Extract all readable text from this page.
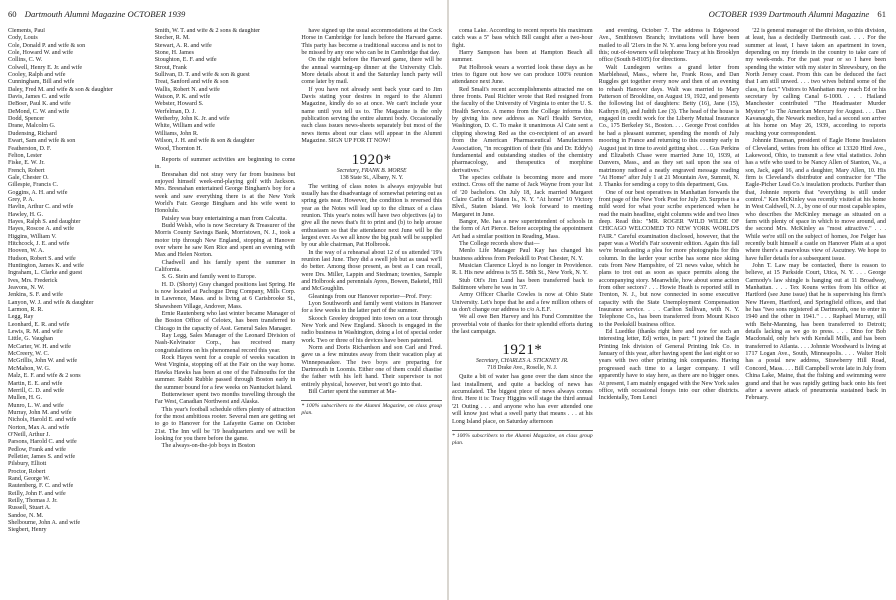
60 Dartmouth Alumni Magazine OCTOBER 1939
Clements, Paul
Cody, Louis
Cole, Donald P. and wife & son
Cole, Howard W. and wife
Collins, C. W.
Colwell, Henry E. Jr. and wife
Cooley, Ralph and wife
Cunningham, Bill and wife
Daley, Fred M. and wife & son & daughter
Davis, James C. and wife
DeBoer, Paul K. and wife
DeMond, C. W. and wife
Dodd, Spencer
Drane, Malcolm G.
Dudensing, Richard
Ewart, Sam and wife & son
Featherston, D. F.
Felton, Lester
Fiske, E. W. Jr.
French, Robert
Gale, Chester O.
Gillespie, Francis C.
Goggins, A. H. and wife
Grey, P. A.
Havlin, Arthur C. and wife
Hawley, H. G.
Hayes, Ralph S. and daughter
Hayes, Roscoe A. and wife
Higgins, William V.
Hitchcock, J. E. and wife
Hooven, W. A.
Hudson, Robert S. and wife
Huntington, James K. and wife
Ingraham, L. Clarke and guest
Ives, Mrs. Frederick
Jeavons, N. W.
Jenkins, S. F. and wife
Lanyon, W. J. and wife & daughter
Larmon, R. R.
Legg, Ray
Leonhard, E. R. and wife
Lewis, R. M. and wife
Little, G. Vaughan
McCarter, W. H. and wife
McCreery, W. C.
McGrillis, John W. and wife
McMahon, W. G.
Malz, E. F. and wife & 2 sons
Martin, E. E. and wife
Merrill, C. D. and wife
Mullen, H. G.
Munro, L. W. and wife
Murray, John M. and wife
Nichols, Harold E. and wife
Norton, Max A. and wife
O'Neill, Arthur J.
Parsons, Harold C. and wife
Pedlow, Frank and wife
Pelletier, James S. and wife
Pilsbury, Elliott
Proctor, Robert
Rand, George W.
Rautenberg, F. C. and wife
Reilly, John F. and wife
Reilly, Thomas J. Jr.
Russell, Stuart A.
Sandoe, N. M.
Shelbourne, John A. and wife
Siegbert, Henry
Smith, W. T. and wife & 2 sons & daughter
Stecher, R. M.
Stewart, A. R. and wife
Stone, H. James
Stoughton, E. F. and wife
Strout, Frank
Sullivan, D. T. and wife & son & guest
Treat, Sanford and wife & son
Wallis, Robert N. and wife
Watson, P. K. and wife
Webster, Howard S.
Werfelman, D. J.
Wetherby, John K. Jr. and wife
White, William and wife
Williams, John R.
Wilson, J. H. and wife & son & daughter
Wood, Thornton H.

Reports of summer activities are beginning to come in.

Bresnahan did not stray very far from business but enjoyed himself week-end-playing golf with Jackson. Mrs. Bresnahan entertained George Bingham's boy for a week and saw everything there is at the New York World's Fair. George Bingham and his wife went to Honolulu.

Paisley was busy entertaining a man from Calcutta.

Budd Welsh, who is now Secretary & Treasurer of the Morris County Savings Bank, Morristown, N. J., took a motor trip through New England, stopping at Hanover over where he saw Ken Rice and spent an evening with Max and Helen Norton.

Chadwell and his family spent the summer in California.

S. G. Stein and family went to Europe.

H. D. (Shorty) Gray changed positions last Spring. He is now located at Pachogue Drug Company, Mills Corp. in Lawrence, Mass. and is living at 6 Carisbrooke St., Shawsheen Village, Andover, Mass.

Ernie Rautenberg who last winter became Manager of the Boston Office of Celotex, has been transferred to Chicago in the capacity of Asst. General Sales Manager.

Ray Legg, Sales Manager of the Leonard Division of Nash-Kelvinator Corp., has received many congratulations on his phenomenal record this year.

Rock Hayes went for a couple of weeks vacation in West Virginia, stopping off at the Fair on the way home. Hawka Hawks has been at one of the Falmouths for the summer. Rabbi Rubble passed through Boston early in the summer bound for a few weeks on Nantucket Island.

Buttenwieser spent two months travelling through the Far West, Canadian Northwest and Alaska.

This year's football schedule offers plenty of attraction for the most ambitious rooter. Several men are getting set to go to Hanover for the Lafayette Game on October 21st. The Inn will be '19 headquarters and we will be looking for you there before the game.

The always-on-the-job boys in Boston

have signed up the usual accommodations at the Cock Horse in Cambridge for lunch before the Harvard game. This party has become a traditional success and is not to be missed by any one who can be in Cambridge that day.

On the night before the Harvard game, there will be the annual warming-up dinner at the University Club. More details about it and the Saturday lunch party will come later by mail.

If you have not already sent back your card to Jim Davis stating your desires in regard to the Alumni Magazine, kindly do so at once. We can't include your name until you tell us to. The Magazine is the only publication serving the entire alumni body. Occasionally each class issues news-sheets separately but most of the news items about our class will appear in the Alumni Magazine. SIGN UP FOR IT NOW!

1920*
Secretary, FRANK B. MORSE
138 State St., Albany, N. Y.

The writing of class notes is always enjoyable but usually has the disadvantage of somewhat petering out as spring gets near. However, the condition is reversed this year as the Notes will lead up to the climax of a class reunion. This year's notes will have two objectives (a) to give all the news that's fit to print and (b) to help arouse enthusiasm so that the attendance next June will be the largest ever. As we all know the big push will be supplied by our able chairman, Pat Holbrook.

In the way of a rehearsal about 12 of us attended '19's reunion last June. They did a swell job but as usual we'll do better. Among those present, as best as I can recall, were Drs. Miller, Lappin and Stedman; townies, Sample and Holbrook and perennials Ayres, Bowen, Baketel, Hill and McGoughlin.

Gleanings from our Hanover reporter—Prof. Frey:

Lyon Southworth and family went visitors in Hanover for a few weeks in the latter part of the summer.

Skooch Greeley dropped into town on a tour through New York and New England. Skooch is engaged in the radio business in Washington, doing a lot of special order work. Two or three of his devices have been patented.

Norm and Doris Richardson and son Carl and Fred. gave us a few minutes away from their vacation play at Winnepesaukee. The two boys are preparing for Dartmouth in Loomis. Either one of them could chastise the father with his left hand. Their supervisor is not entirely physical, however, but won't go into that.

Bill Carter spent the summer at Ma-

* 100% subscribers to the Alumni Magazine, on class group plan.
OCTOBER 1939 Dartmouth Alumni Magazine 61

coma Lake. According to recent reports his maximum catch was a 5" bass which Bill caught after a two-hour fight.

Harry Sampson has been at Hampton Beach all summer.

Pat Holbrook wears a worried look these days as he tries to figure out how we can produce 100% reunion attendance next June.

Red Smali's recent accomplishments attracted me on three fronts. Paul Richter wrote that Red resigned from the faculty of the University of Virginia to enter the U. S. Health Service. A memo from the College informs this by giving his new address as Nat'l Health Service, Washington, D. C. To make it unanimous Al Cate sent a clipping showing Red as the co-recipient of an award from the American Pharmaceutical Manufacturers Association, "in recognition of their (his and Dr. Eddy's) fundamental and outstanding studies of the chemistry pharmacology, and therapeutics of morphine derivatives."

The species celibate is becoming more and more extinct. Cross off the name of Jack Wayne from your list of '20 bachelors. On July 18, Jack married Margaret Claire Carlin of Staten Is., N. Y. "At home" 10 Victory Blvd., Staten Island. We look forward to meeting Margaret in June.

Bangor, Me. has a new superintendent of schools in the form of Art Pierce. Before accepting the appointment Art had a similar position in Reading, Mass.

The College records show that—

Menlo Life Manager Paul Kay has changed his business address from Peekskill to Post Chester, N. Y.

Musician Clarence Lloyd is no longer in Providence. R. I. His new address is 55 E. 58th St., New York, N. Y.

Stub Ott's Jim Lund has been transferred back to Baltimore where he was in '37.

Army Officer Charlie Cowles is now at Ohio State University. Let's hope that he and a few million others of us don't change our address to c/o A.E.F.

We all owe Ben Harvey and his Fund Committee the proverbial vote of thanks for their splendid efforts during the last campaign.

1921*
Secretary, CHARLES A. STICKNEY JR.
718 Drake Ave., Roselle, N. J.

Quite a bit of water has gone over the dam since the last installment, and quite a backlog of news has accumulated. The biggest piece of news always comes first. Here it is: Tracy Higgins will stage the third annual '21 Outing . . . and anyone who has ever attended one will know just what a swell party that means . . . at his Long Island place, on Saturday afternoon

* 100% subscribers to the Alumni Magazine, on class group plan.

and evening, October 7. The address is Edgewood Ave., Smithtown Branch; invitations will have been mailed to all '21ers in the N. Y. area long before you read this; out-of-towners will telephone Tracy at his Brooklyn office (South 8-8105) for directions.

Walt Lundegren writes a grand letter from Marblehead, Mass., where he, Frank Ross, and Dan Ruggles get together every now and then of an evening to rehash Hanover days. Walt was married to Mary Patterson of Brookline, on August 19, 1922, and presents the following list of daughters: Betty (16), Jane (15), Kathryn (8), and Judith Lee (3). The head of the house is engaged in credit work for the Liberty Mutual Insurance Co., 175 Berkeley St., Boston. . . . George Frost confides he had a pleasant summer, spending the month of July mooring in France and returning to this country early in August just in time to avoid getting shot. . . . Gus Perkins and Elizabeth Chase were married June 10, 1939, at Danvers, Mass., and as they set sail upon the sea of matrimony radioed a neatly engraved message reading "At Home" after July 1 at 21 Mountain Ave, Summit, N. J. Thanks for sending a copy to this department, Gus.

One of our best operatives in Manhattan forwards the front page of the New York Post for July 20. Surprise is a mild word for what your scribe experienced when he read the main headline, eight columns wide and two lines deep. Read this: "MR. ROGER 'WILD WILDE OF CHICAGO WELCOMED TO NEW YORK WORLD'S FAIR." Careful examination disclosed, however, that the paper was a World's Fair souvenir edition. Again this fall we're broadcasting a plea for more photographs for this column. In the larder your scribe has some nice skiing cuts from New Hampshire, of '21 news value, which he plans to trot out as soon as space permits along the accompanying story. Meanwhile, how about some action from other sectors? . . . Howie Heath is reported still in Trenton, N. J., but now connected in some executive capacity with the State Unemployment Compensation Insurance service. . . . Carlton Sullivan, with N. Y. Telephone Co., has been transferred from Mount Kisco to the Peekskill business office.

Ed Luedtke (thanks right here and now for such an interesting letter, Ed) writes, in part: "I joined the Eagle Printing Ink division of General Printing Ink Co. in January of this year, after having spent the last eight or so years with two other printing ink companies. Having progressed each time to a larger company. I will apparently have to stay here, as there are no bigger ones. At present, I am mainly engaged with the New York sales office, with occasional forays into our other districts. Incidentally, Tom Lenci

'22 is general manager of the division, so this division, at least, has a decidedly Dartmouth cast. . . . For the summer at least, I have taken an apartment in town, depending on my friends in the country to take care of my week-ends. For the past year or so I have been spending the winter with my sister in Shrewsbury, on the North Jersey coast. From this can be deduced the fact that I am still unwed. . . . two wives behind some of the class, in fact." Visitors to Manhattan may reach Ed or his secretary by calling Canal 6-1000. . . . Hailand Manchester contributed "The Headmaster Murder Mystery" to The American Mercury for August. . . . Dan Kavanaugh, the Newark medico, had a second son arrive at his home on May 26, 1939, according to reports reaching your correspondent.

Johnnie Eissman, president of Eagle Home Insulators of Cleveland, writes from his office at 13320 Hird Ave., Lakewood, Ohio, to transmit a few vital statistics. John has a wife who used to be Nancy Allen of Stanton, Va., a son, Jack, aged 16, and a daughter, Mary Allen, 10. His firm is Cleveland's distributor and contractor for "The Eagle-Picher Lead Co.'s insulation products. Further than that, Johnnie reports that "everything is still under control." Ken McKinley was recently visited at his home in West Caldwell, N. J., by one of our most capable spies, who describes the McKinley menage as situated on a farm with plenty of space in which to move around, and the second Mrs. McKinley as "most attractive." . . . While we're still on the subject of homes, Joe Felger has recently built himself a castle on Hanover Plain at a spot where there's a marvelous view of Ascutney. We hope to have fuller details for a subsequent issue.

John T. Law may be contacted, there is reason to believe, at 15 Parkside Court, Utica, N. Y. . . . George Carmody's law shingle is hanging out at 11 Broadway, Manhattan. . . . Tex Kouns writes from his office at Hartford (see June issue) that he is supervising his firm's New Haven, Hartford, and Springfield offices, and that he has "two sons registered at Dartmouth, one to enter in 1940 and the other in 1941." . . . Raphael Murray, still with Behr-Manning, has been transferred to Detroit; details lacking as we go to press. . . . Dino for Bob Macdonald, only he's with Kendall Mills, and has been transferred to Atlanta. . . . Johnnie Woodward is living at 1717 Logan Ave., South, Minneapolis. . . . Walter Holt has a postal new address, Strawberry Hill Road, Concord, Mass. . . . Bill Campbell wrote late in July from China Lake, Maine, that the fishing and swimming were grand and that he was rapidly getting back onto his feet after a severe attack of pneumonia sustained back in February.
